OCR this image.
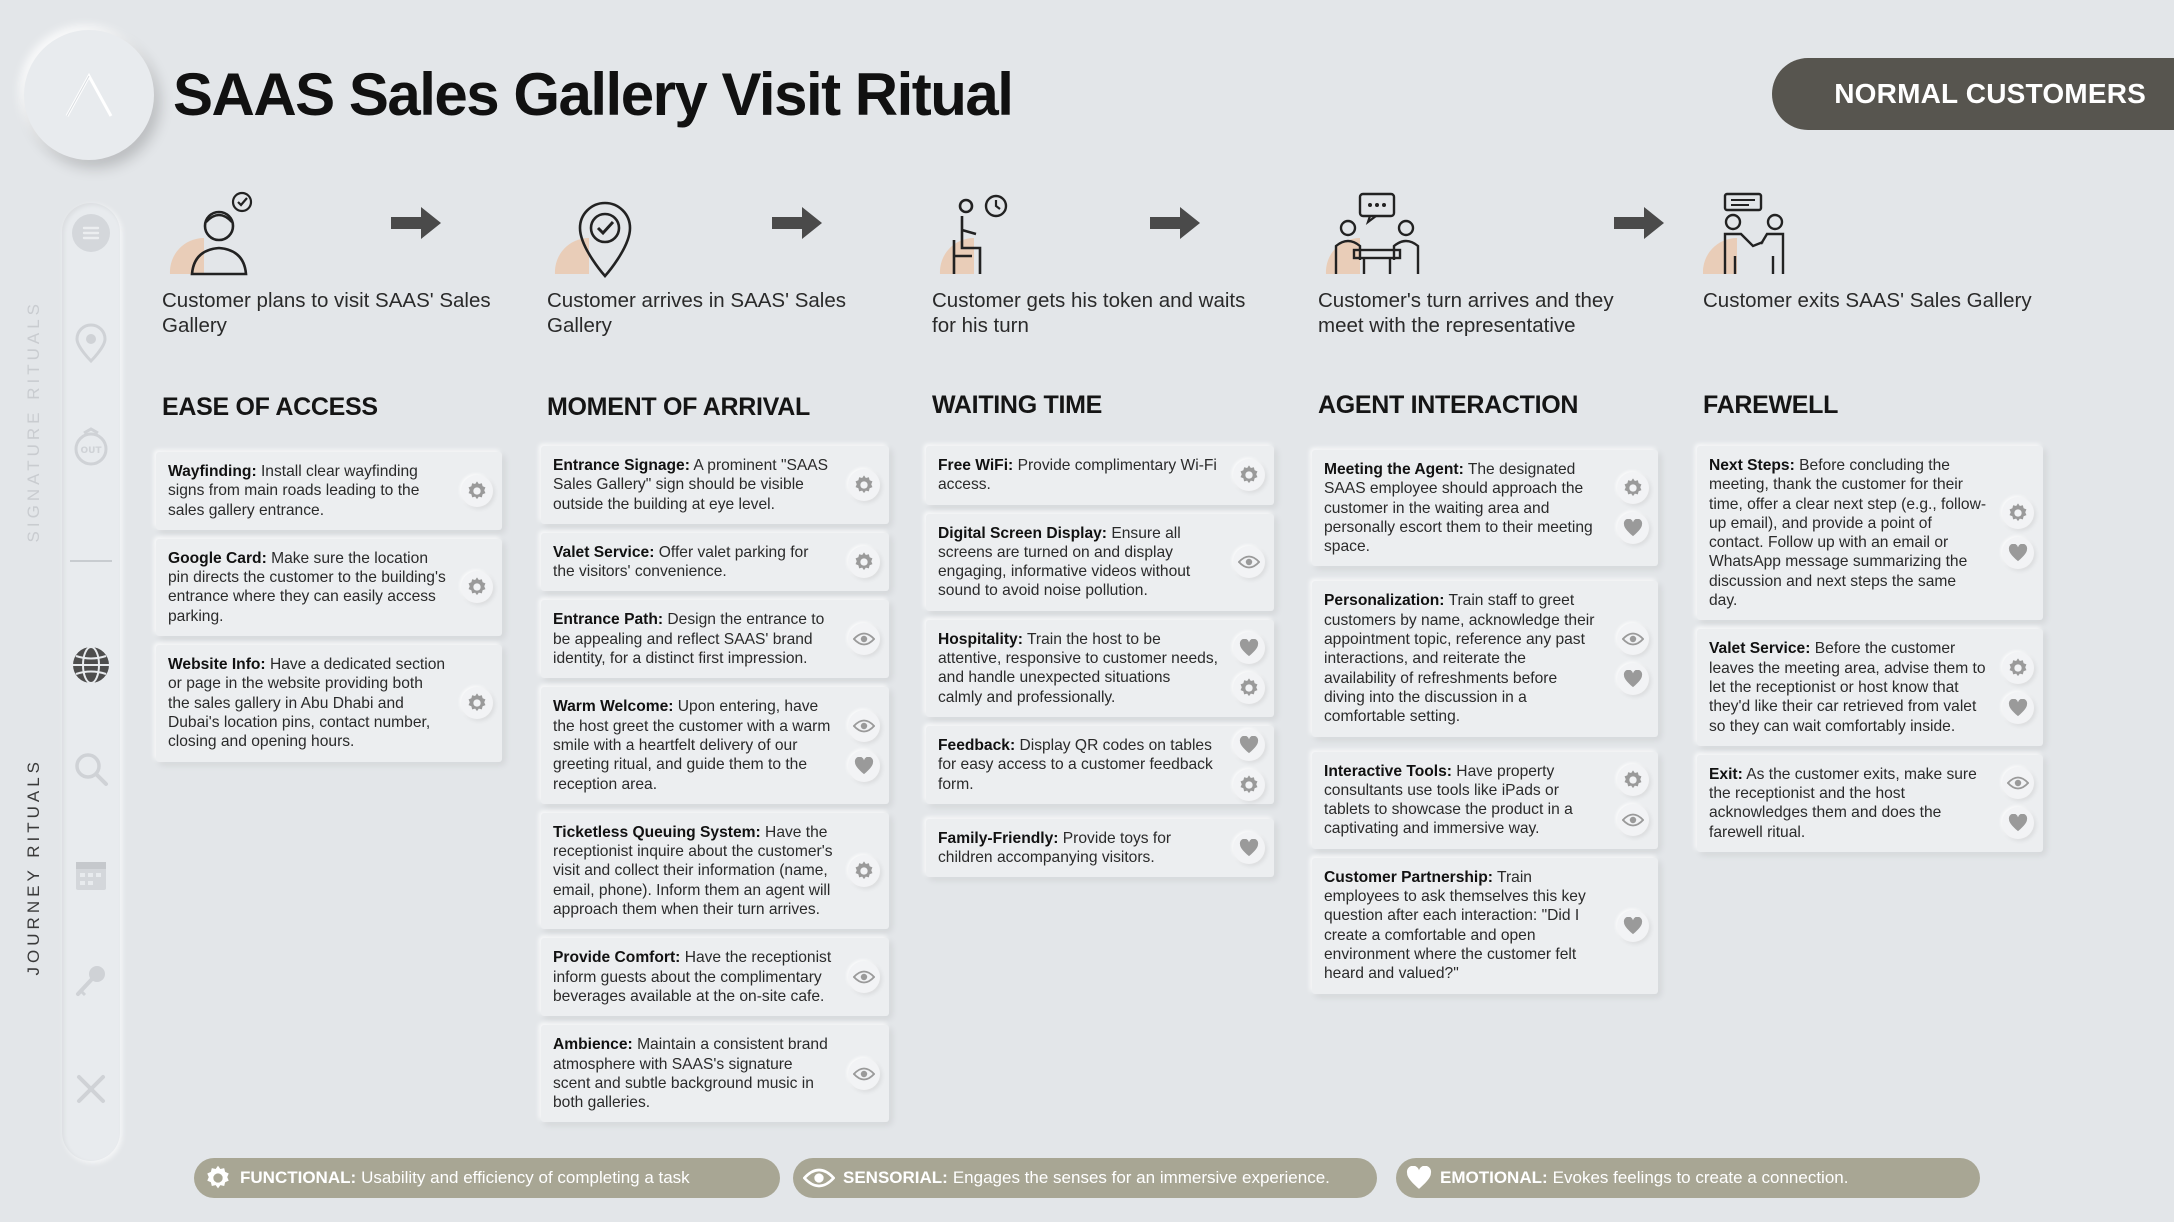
SAAS Sales Gallery Visit Ritual	NORMAL CUSTOMERS
SIGNATURE RITUALS
JOURNEY RITUALS
OUT
Customer plans to visit SAAS' Sales Gallery
EASE OF ACCESS
Wayfinding: Install clear wayfinding signs from main roads leading to the sales gallery entrance.
Google Card: Make sure the location pin directs the customer to the building's entrance where they can easily access parking.
Website Info: Have a dedicated section or page in the website providing both the sales gallery in Abu Dhabi and Dubai's location pins, contact number, closing and opening hours.
Customer arrives in SAAS' Sales Gallery
MOMENT OF ARRIVAL
Entrance Signage: A prominent "SAAS Sales Gallery" sign should be visible outside the building at eye level.
Valet Service: Offer valet parking for the visitors' convenience.
Entrance Path: Design the entrance to be appealing and reflect SAAS' brand identity, for a distinct first impression.
Warm Welcome: Upon entering, have the host greet the customer with a warm smile with a heartfelt delivery of our greeting ritual, and guide them to the reception area.
Ticketless Queuing System: Have the receptionist inquire about the customer's visit and collect their information (name, email, phone). Inform them an agent will approach them when their turn arrives.
Provide Comfort: Have the receptionist inform guests about the complimentary beverages available at the on-site cafe.
Ambience: Maintain a consistent brand atmosphere with SAAS's signature scent and subtle background music in both galleries.
Customer gets his token and waits for his turn
WAITING TIME
Free WiFi: Provide complimentary Wi-Fi access.
Digital Screen Display: Ensure all screens are turned on and display engaging, informative videos without sound to avoid noise pollution.
Hospitality: Train the host to be attentive, responsive to customer needs, and handle unexpected situations calmly and professionally.
Feedback: Display QR codes on tables for easy access to a customer feedback form.
Family-Friendly: Provide toys for children accompanying visitors.
Customer's turn arrives and they meet with the representative
AGENT INTERACTION
Meeting the Agent: The designated SAAS employee should approach the customer in the waiting area and personally escort them to their meeting space.
Personalization: Train staff to greet customers by name, acknowledge their appointment topic, reference any past interactions, and reiterate the availability of refreshments before diving into the discussion in a comfortable setting.
Interactive Tools: Have property consultants use tools like iPads or tablets to showcase the product in a captivating and immersive way.
Customer Partnership: Train employees to ask themselves this key question after each interaction: "Did I create a comfortable and open environment where the customer felt heard and valued?"
Customer exits SAAS' Sales Gallery
FAREWELL
Next Steps: Before concluding the meeting, thank the customer for their time, offer a clear next step (e.g., follow-up email), and provide a point of contact. Follow up with an email or WhatsApp message summarizing the discussion and next steps the same day.
Valet Service: Before the customer leaves the meeting area, advise them to let the receptionist or host know that they'd like their car retrieved from valet so they can wait comfortably inside.
Exit: As the customer exits, make sure the receptionist and the host acknowledges them and does the farewell ritual.
FUNCTIONAL: Usability and efficiency of completing a task	SENSORIAL: Engages the senses for an immersive experience.	EMOTIONAL: Evokes feelings to create a connection.
